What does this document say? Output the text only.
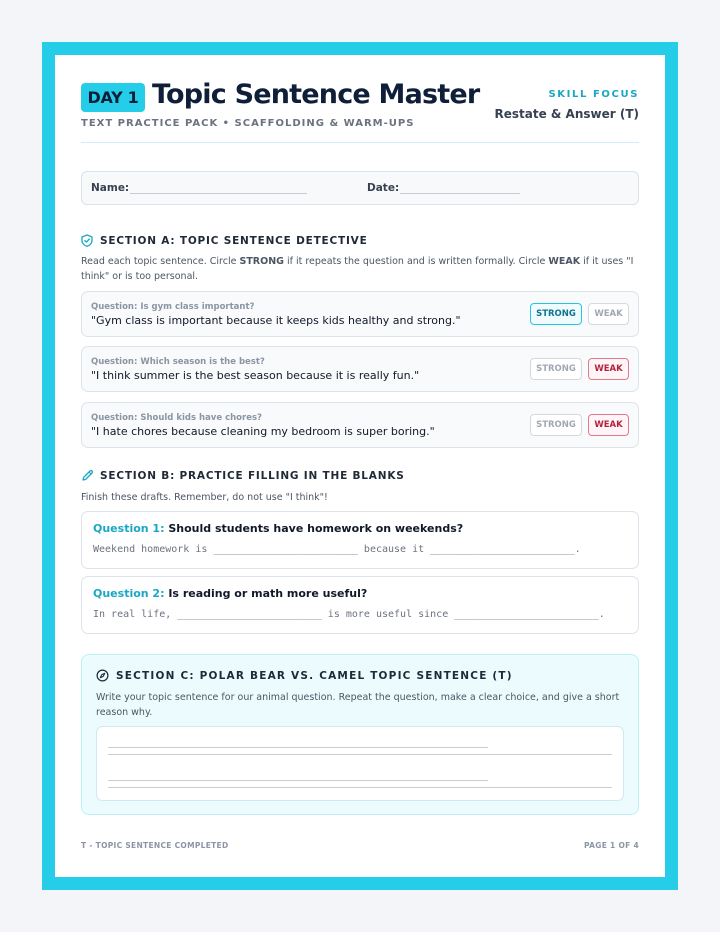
DAY 1 Topic Sentence Master
TEXT PRACTICE PACK • SCAFFOLDING & WARM-UPS
SKILL FOCUS
Restate & Answer (T)
Name:	Date:
SECTION A: TOPIC SENTENCE DETECTIVE
Read each topic sentence. Circle STRONG if it repeats the question and is written formally. Circle WEAK if it uses "I think" or is too personal.
Question: Is gym class important?
"Gym class is important because it keeps kids healthy and strong."	STRONG	WEAK
Question: Which season is the best?
"I think summer is the best season because it is really fun."	STRONG	WEAK
Question: Should kids have chores?
"I hate chores because cleaning my bedroom is super boring."	STRONG	WEAK
SECTION B: PRACTICE FILLING IN THE BLANKS
Finish these drafts. Remember, do not use "I think"!
Question 1: Should students have homework on weekends?
Weekend homework is ________________________ because it ________________________.
Question 2: Is reading or math more useful?
In real life, ________________________ is more useful since ________________________.
SECTION C: POLAR BEAR VS. CAMEL TOPIC SENTENCE (T)
Write your topic sentence for our animal question. Repeat the question, make a clear choice, and give a short reason why.
T - TOPIC SENTENCE COMPLETED	PAGE 1 OF 4
